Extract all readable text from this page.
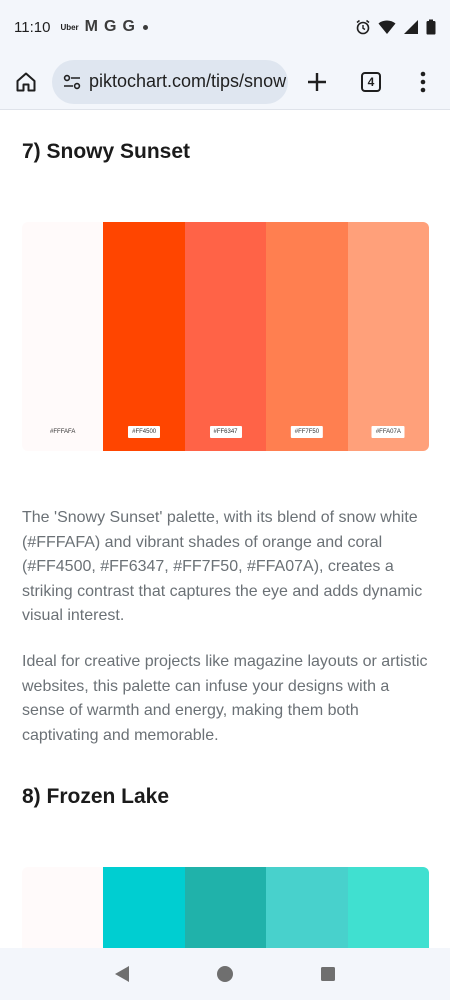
11:10 Uber M G G
piktochart.com/tips/snow	4
7) Snowy Sunset
#FFFAFA	#FF4500	#FF6347	#FF7F50	#FFA07A

The 'Snowy Sunset' palette, with its blend of snow white (#FFFAFA) and vibrant shades of orange and coral (#FF4500, #FF6347, #FF7F50, #FFA07A), creates a striking contrast that captures the eye and adds dynamic visual interest.

Ideal for creative projects like magazine layouts or artistic websites, this palette can infuse your designs with a sense of warmth and energy, making them both captivating and memorable.

8) Frozen Lake
